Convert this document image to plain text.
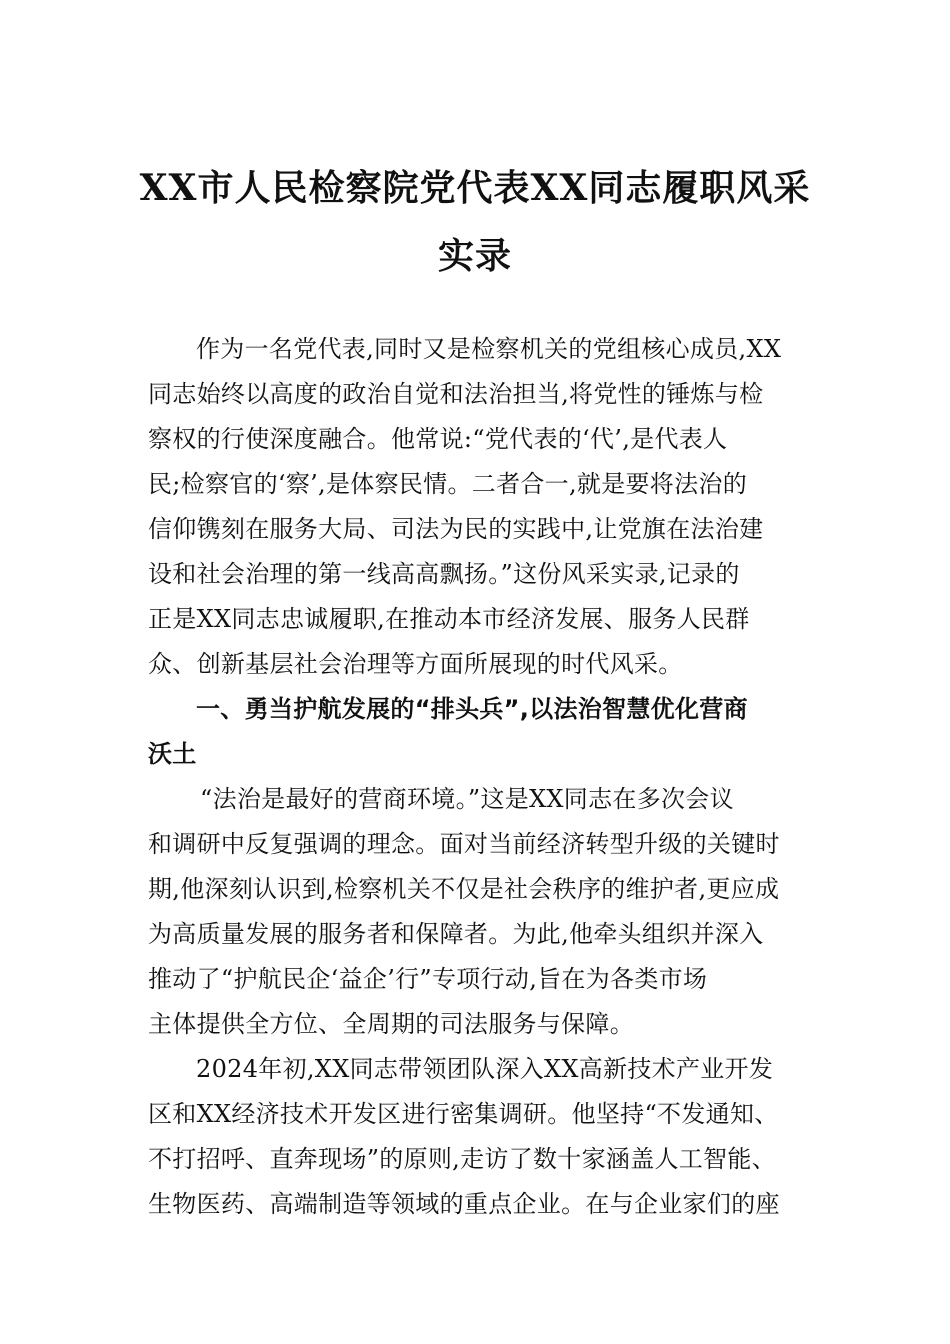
XX市人民检察院党代表XX同志履职风采
实录
作为一名党代表,同时又是检察机关的党组核心成员,XX
同志始终以高度的政治自觉和法治担当,将党性的锤炼与检
察权的行使深度融合。他常说:“党代表的‘代’,是代表人
民;检察官的‘察’,是体察民情。二者合一,就是要将法治的
信仰镌刻在服务大局、司法为民的实践中,让党旗在法治建
设和社会治理的第一线高高飘扬。”这份风采实录,记录的
正是XX同志忠诚履职,在推动本市经济发展、服务人民群
众、创新基层社会治理等方面所展现的时代风采。
一、勇当护航发展的“排头兵”,以法治智慧优化营商
沃土
“法治是最好的营商环境。”这是XX同志在多次会议
和调研中反复强调的理念。面对当前经济转型升级的关键时
期,他深刻认识到,检察机关不仅是社会秩序的维护者,更应成
为高质量发展的服务者和保障者。为此,他牵头组织并深入
推动了“护航民企‘益企’行”专项行动,旨在为各类市场
主体提供全方位、全周期的司法服务与保障。
2024年初,XX同志带领团队深入XX高新技术产业开发
区和XX经济技术开发区进行密集调研。他坚持“不发通知、
不打招呼、直奔现场”的原则,走访了数十家涵盖人工智能、
生物医药、高端制造等领域的重点企业。在与企业家们的座
